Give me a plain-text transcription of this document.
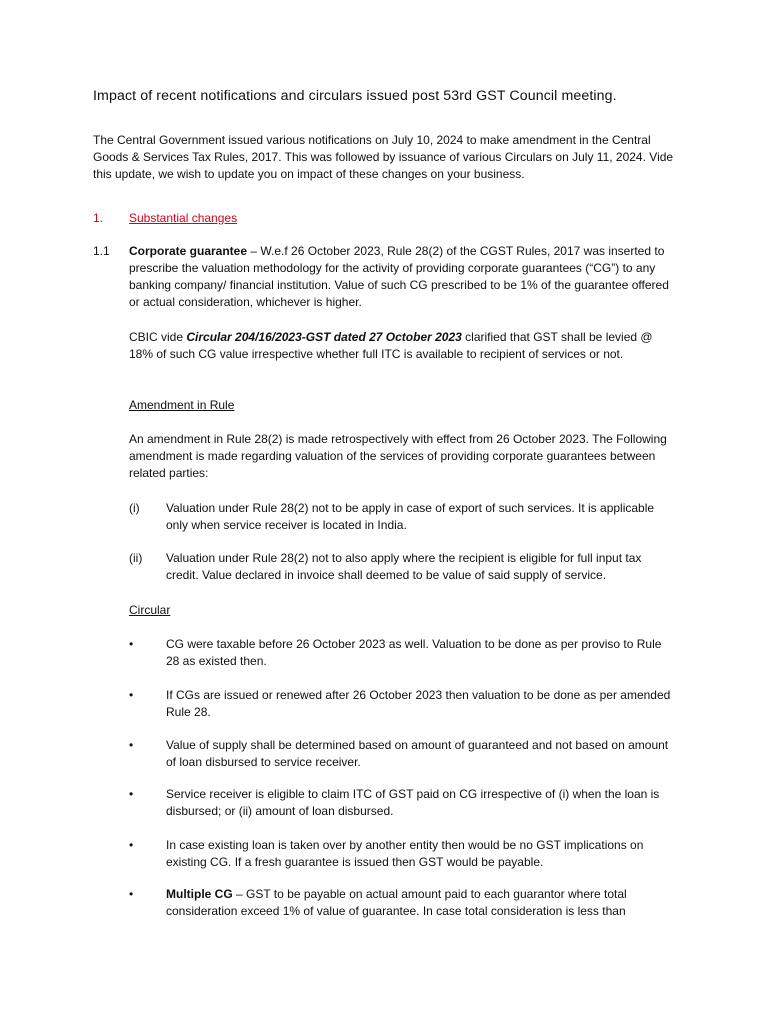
Impact of recent notifications and circulars issued post 53rd GST Council meeting.
The Central Government issued various notifications on July 10, 2024 to make amendment in the Central Goods & Services Tax Rules, 2017. This was followed by issuance of various Circulars on July 11, 2024. Vide this update, we wish to update you on impact of these changes on your business.
1. Substantial changes
1.1 Corporate guarantee – W.e.f 26 October 2023, Rule 28(2) of the CGST Rules, 2017 was inserted to prescribe the valuation methodology for the activity of providing corporate guarantees (“CG”) to any banking company/ financial institution. Value of such CG prescribed to be 1% of the guarantee offered or actual consideration, whichever is higher.
CBIC vide Circular 204/16/2023-GST dated 27 October 2023 clarified that GST shall be levied @ 18% of such CG value irrespective whether full ITC is available to recipient of services or not.
Amendment in Rule
An amendment in Rule 28(2) is made retrospectively with effect from 26 October 2023. The Following amendment is made regarding valuation of the services of providing corporate guarantees between related parties:
(i) Valuation under Rule 28(2) not to be apply in case of export of such services. It is applicable only when service receiver is located in India.
(ii) Valuation under Rule 28(2) not to also apply where the recipient is eligible for full input tax credit. Value declared in invoice shall deemed to be value of said supply of service.
Circular
•	CG were taxable before 26 October 2023 as well. Valuation to be done as per proviso to Rule 28 as existed then.
•	If CGs are issued or renewed after 26 October 2023 then valuation to be done as per amended Rule 28.
•	Value of supply shall be determined based on amount of guaranteed and not based on amount of loan disbursed to service receiver.
•	Service receiver is eligible to claim ITC of GST paid on CG irrespective of (i) when the loan is disbursed; or (ii) amount of loan disbursed.
•	In case existing loan is taken over by another entity then would be no GST implications on existing CG. If a fresh guarantee is issued then GST would be payable.
•	Multiple CG – GST to be payable on actual amount paid to each guarantor where total consideration exceed 1% of value of guarantee. In case total consideration is less than
